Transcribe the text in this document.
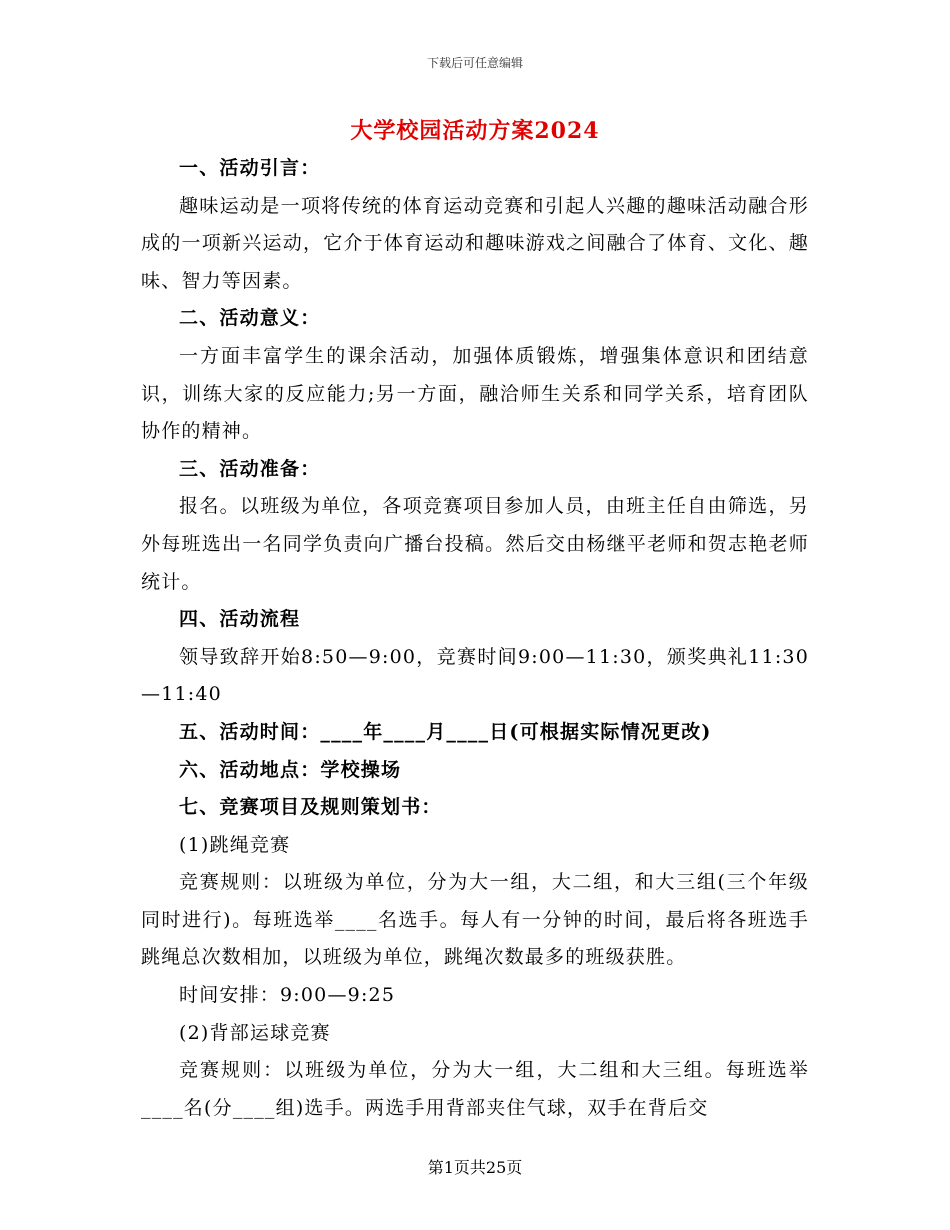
下载后可任意编辑
大学校园活动方案2024

一、活动引言：

趣味运动是一项将传统的体育运动竞赛和引起人兴趣的趣味活动融合形成的一项新兴运动，它介于体育运动和趣味游戏之间融合了体育、文化、趣味、智力等因素。

二、活动意义：

一方面丰富学生的课余活动，加强体质锻炼，增强集体意识和团结意识，训练大家的反应能力;另一方面，融洽师生关系和同学关系，培育团队协作的精神。

三、活动准备：

报名。以班级为单位，各项竞赛项目参加人员，由班主任自由筛选，另外每班选出一名同学负责向广播台投稿。然后交由杨继平老师和贺志艳老师统计。

四、活动流程

领导致辞开始8:50—9:00，竞赛时间9:00—11:30，颁奖典礼11:30—11:40

五、活动时间：____年____月____日(可根据实际情况更改)

六、活动地点：学校操场

七、竞赛项目及规则策划书：

(1)跳绳竞赛

竞赛规则：以班级为单位，分为大一组，大二组，和大三组(三个年级同时进行)。每班选举____名选手。每人有一分钟的时间，最后将各班选手跳绳总次数相加，以班级为单位，跳绳次数最多的班级获胜。

时间安排：9:00—9:25

(2)背部运球竞赛

竞赛规则：以班级为单位，分为大一组，大二组和大三组。每班选举____名(分____组)选手。两选手用背部夹住气球，双手在背后交

第1页共25页
